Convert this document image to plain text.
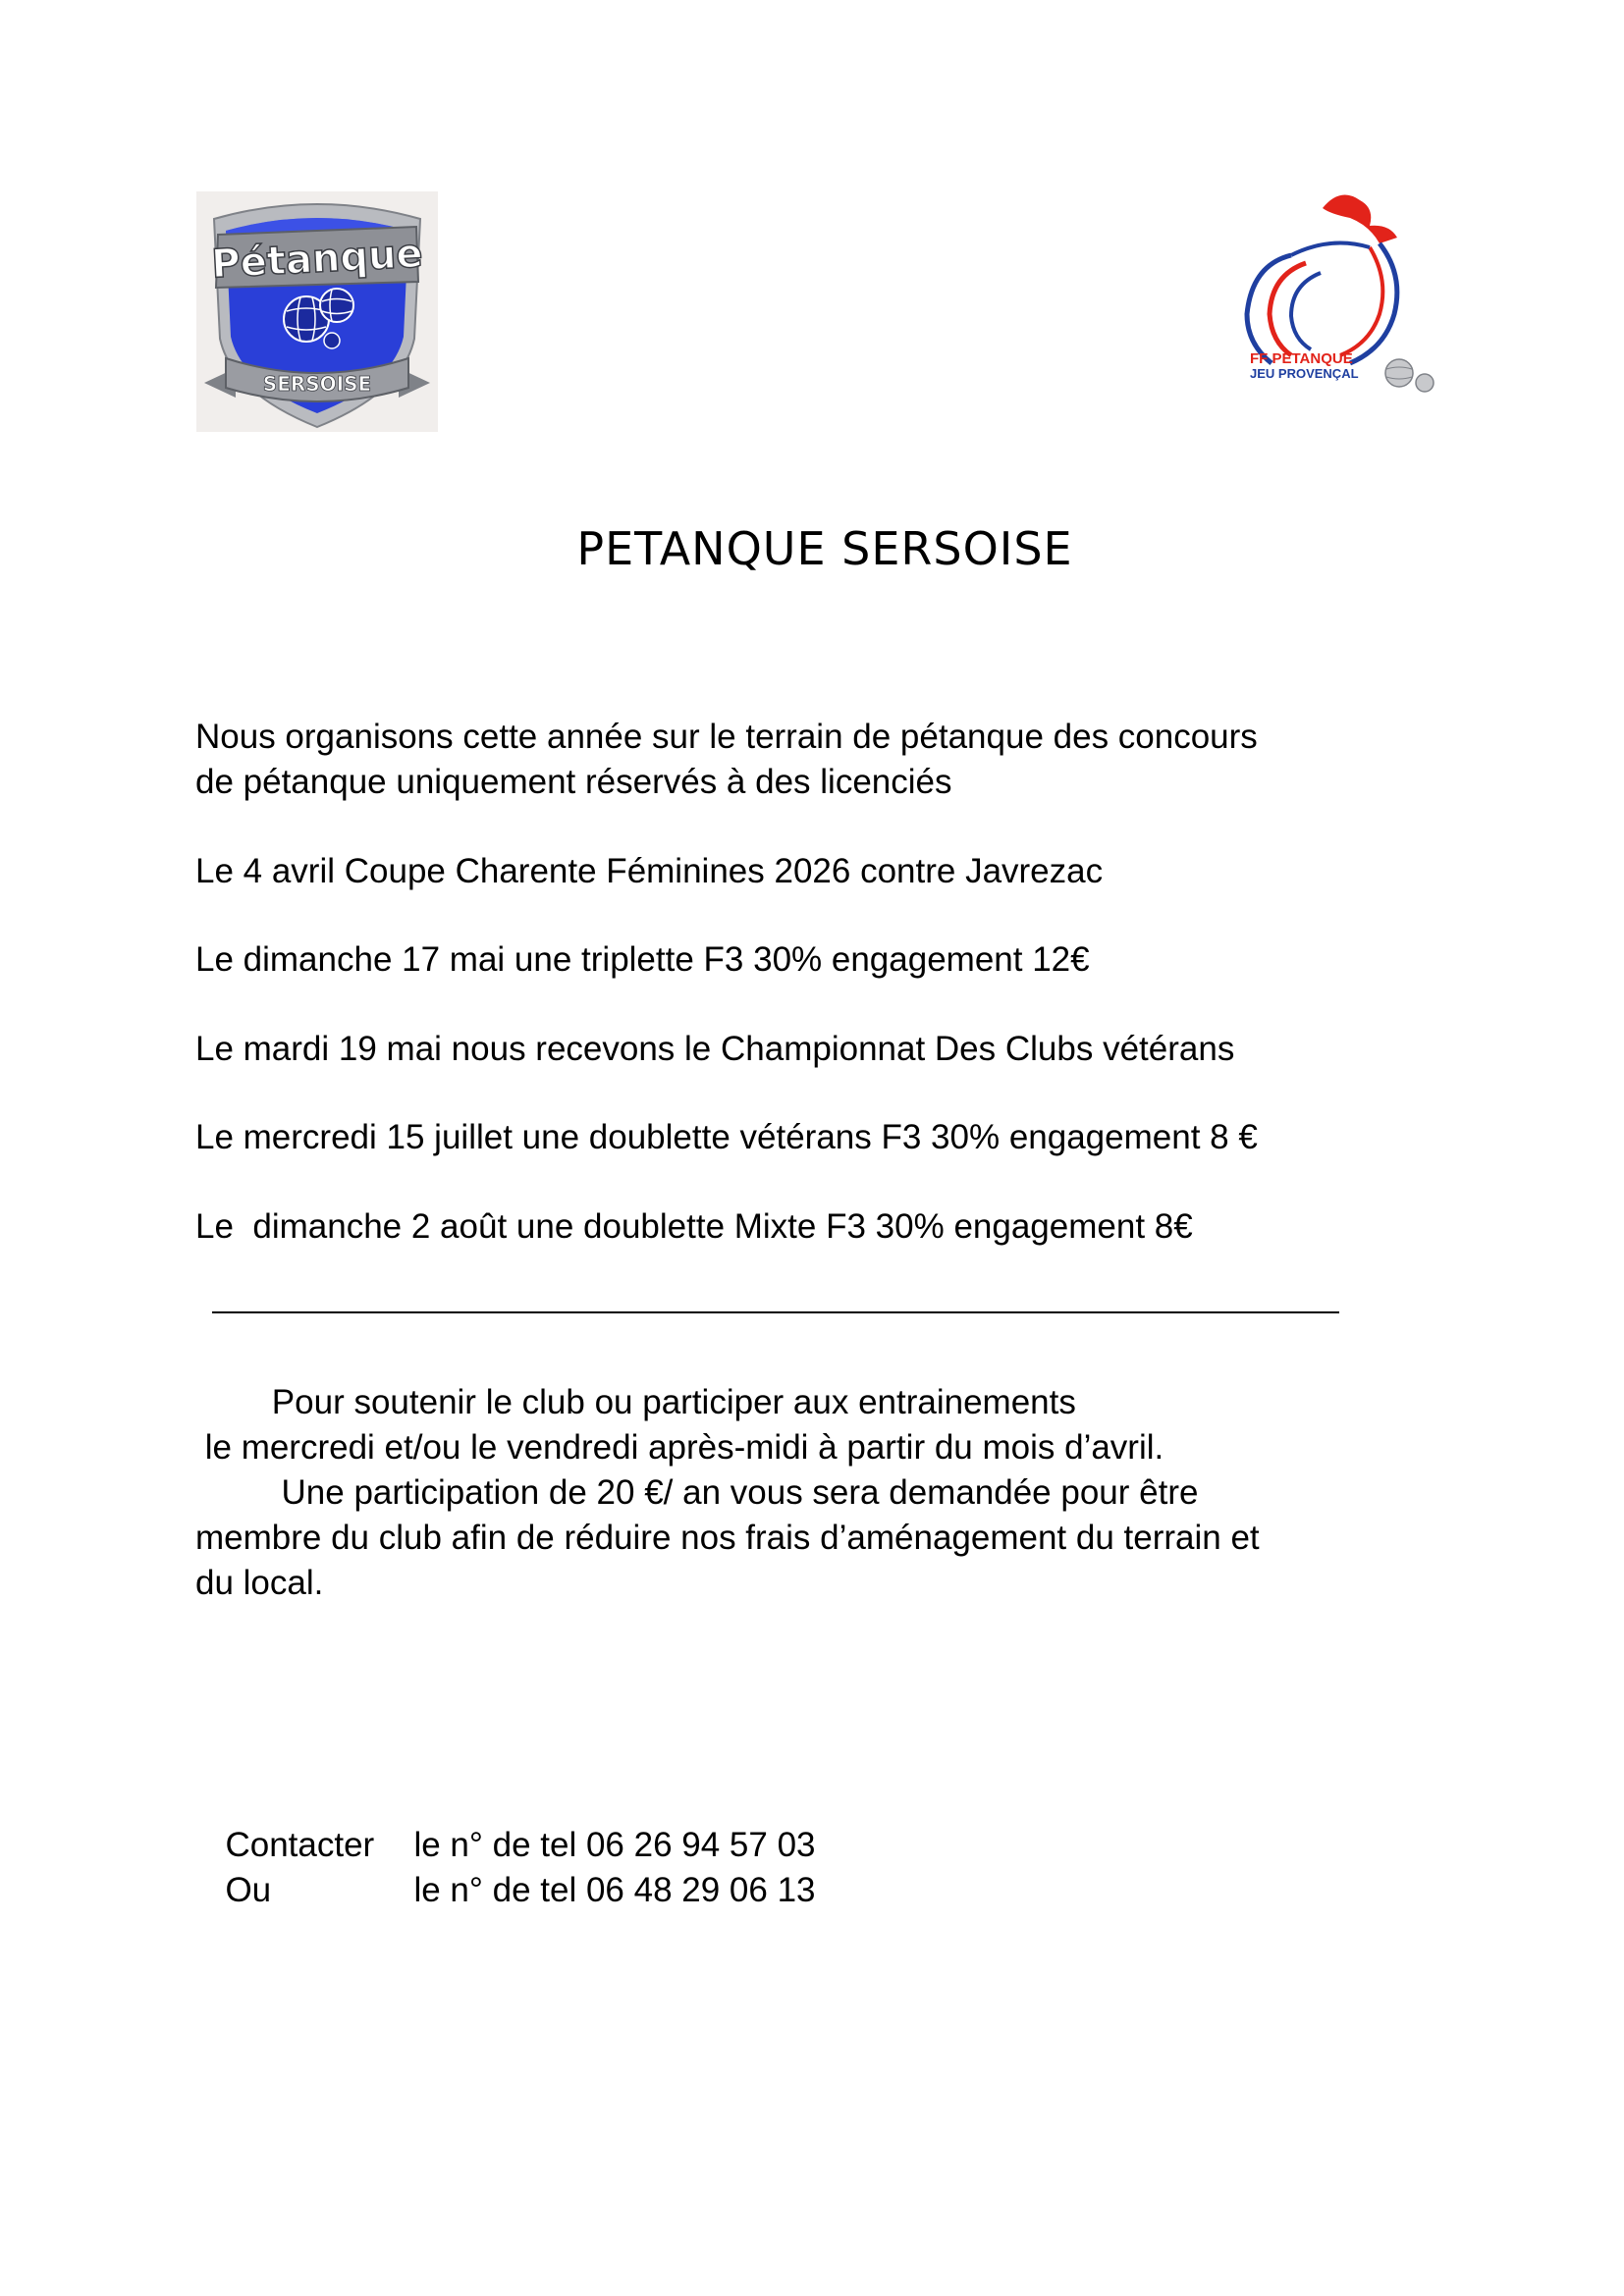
Pétanque
SERSOISE
FF PETANQUE
JEU PROVENÇAL
PETANQUE SERSOISE

Nous organisons cette année sur le terrain de pétanque des concours

de pétanque uniquement réservés à des licenciés

Le 4 avril Coupe Charente Féminines 2026 contre Javrezac

Le dimanche 17 mai une triplette F3 30% engagement 12€

Le mardi 19 mai nous recevons le Championnat Des Clubs vétérans

Le mercredi 15 juillet une doublette vétérans F3 30% engagement 8 €

Le  dimanche 2 août une doublette Mixte F3 30% engagement 8€

Pour soutenir le club ou participer aux entrainements

le mercredi et/ou le vendredi après-midi à partir du mois d’avril.

Une participation de 20 €/ an vous sera demandée pour être

membre du club afin de réduire nos frais d’aménagement du terrain et

du local.

Contacter le n° de tel 06 26 94 57 03

Ou	le n° de tel 06 48 29 06 13
